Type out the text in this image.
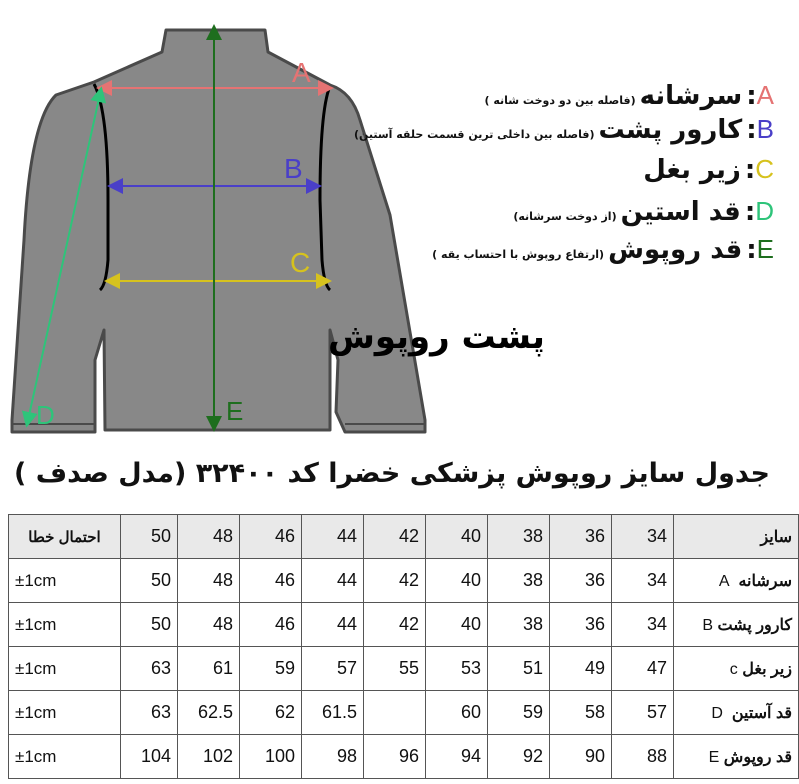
A
B
C
D	E
پشت روپوش
A:سرشانه(فاصله بین دو دوخت شانه )
B:کارور پشت(فاصله بین داخلی ترین قسمت حلقه آستین)
C:زیر بغل
D:قد استین(از دوخت سرشانه)
E:قد روپوش(ارتفاع روپوش با احتساب یقه )
جدول سایز روپوش پزشکی خضرا کد ۳۲۴۰۰ (مدل صدف )
احتمال خطا	50	48	46	44	42	40	38	36	34	سایز
±1cm	50	48	46	44	42	40	38	36	34	سرشانه  A
±1cm	50	48	46	44	42	40	38	36	34	کارور پشت B
±1cm	63	61	59	57	55	53	51	49	47	زیر بغل c
±1cm	63	62.5	62	61.5		60	59	58	57	قد آستین  D
±1cm	104	102	100	98	96	94	92	90	88	قد روپوش E
